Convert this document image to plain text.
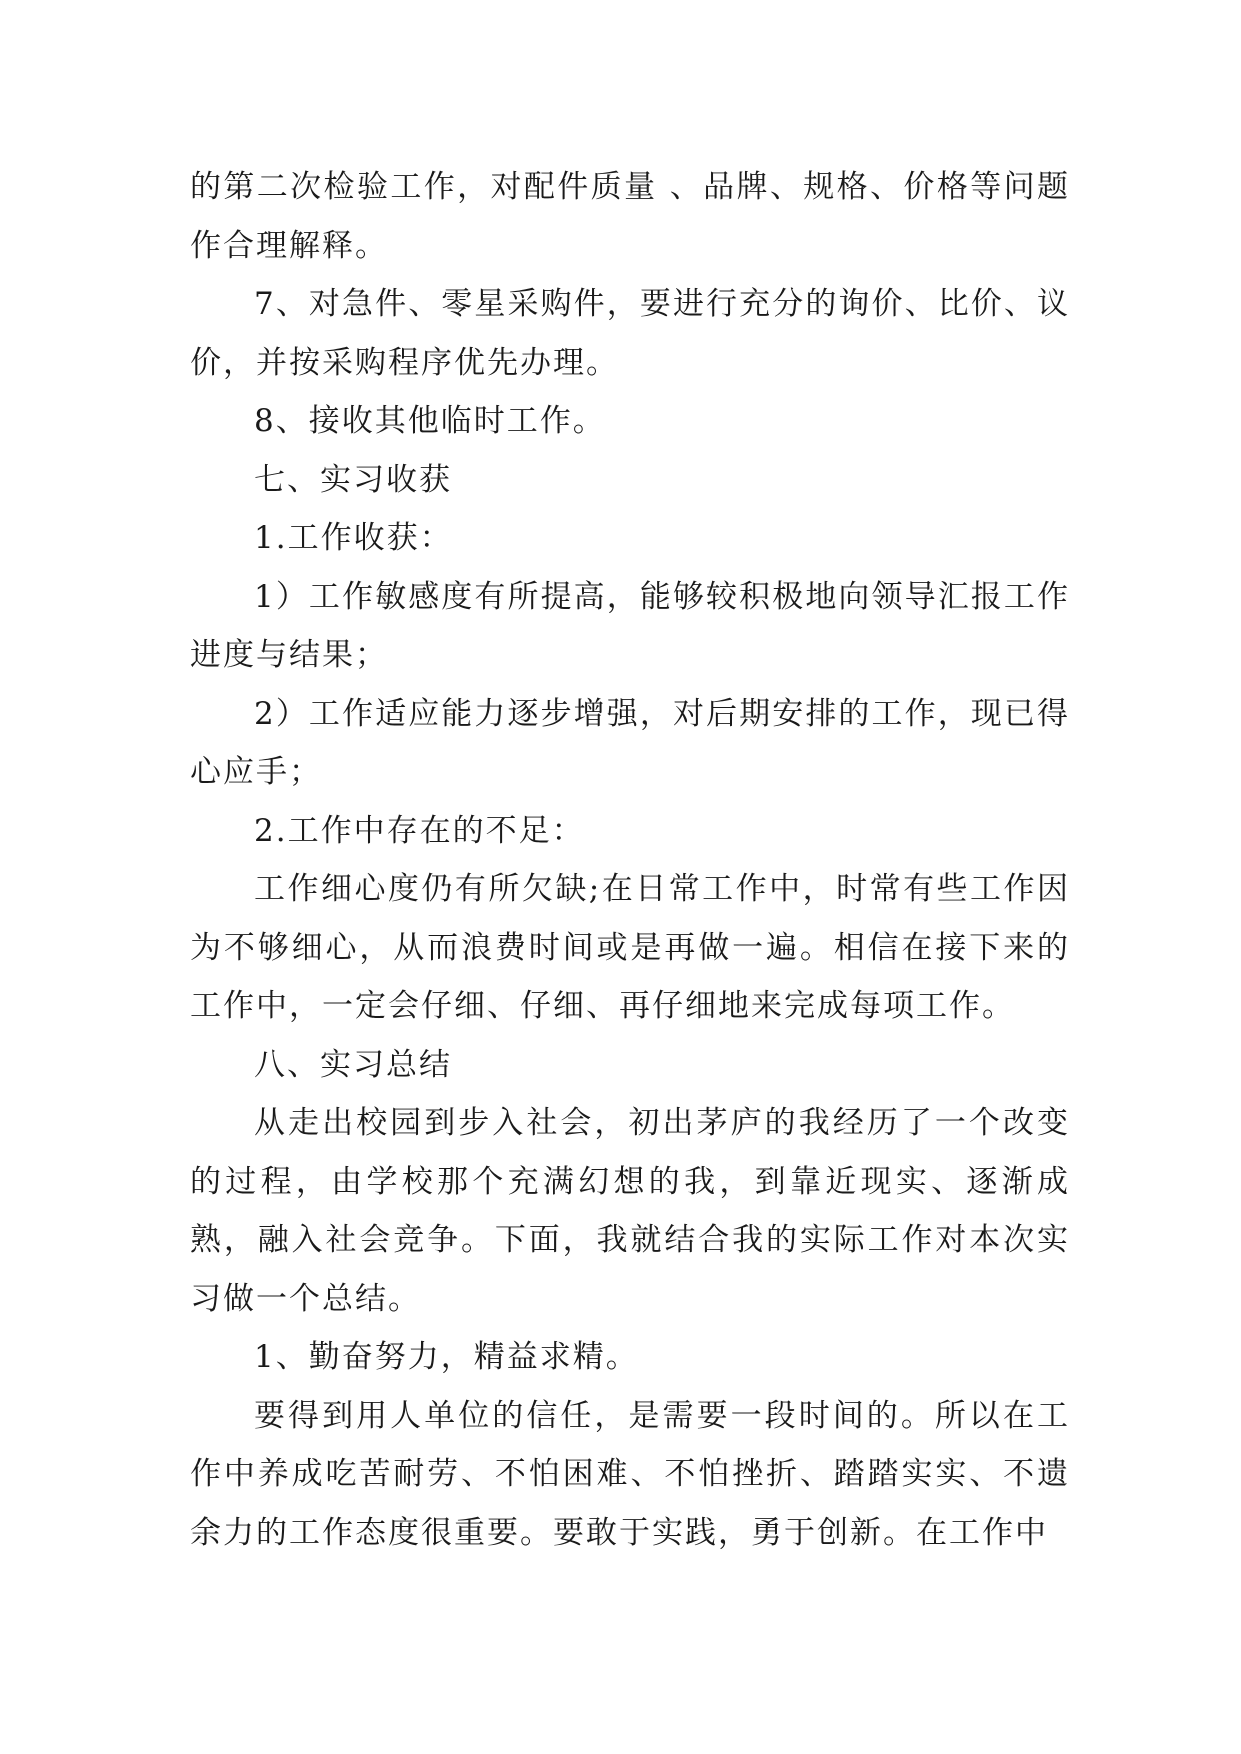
的第二次检验工作，对配件质量 、品牌、规格、价格等问题作合理解释。

7、对急件、零星采购件，要进行充分的询价、比价、议价，并按采购程序优先办理。

8、接收其他临时工作。

七、实习收获

1.工作收获：

1）工作敏感度有所提高，能够较积极地向领导汇报工作进度与结果；

2）工作适应能力逐步增强，对后期安排的工作，现已得心应手；

2.工作中存在的不足：

工作细心度仍有所欠缺;在日常工作中，时常有些工作因为不够细心，从而浪费时间或是再做一遍。相信在接下来的工作中，一定会仔细、仔细、再仔细地来完成每项工作。

八、实习总结

从走出校园到步入社会，初出茅庐的我经历了一个改变的过程，由学校那个充满幻想的我，到靠近现实、逐渐成熟，融入社会竞争。下面，我就结合我的实际工作对本次实习做一个总结。

1、勤奋努力，精益求精。

要得到用人单位的信任，是需要一段时间的。所以在工作中养成吃苦耐劳、不怕困难、不怕挫折、踏踏实实、不遗余力的工作态度很重要。要敢于实践，勇于创新。在工作中
